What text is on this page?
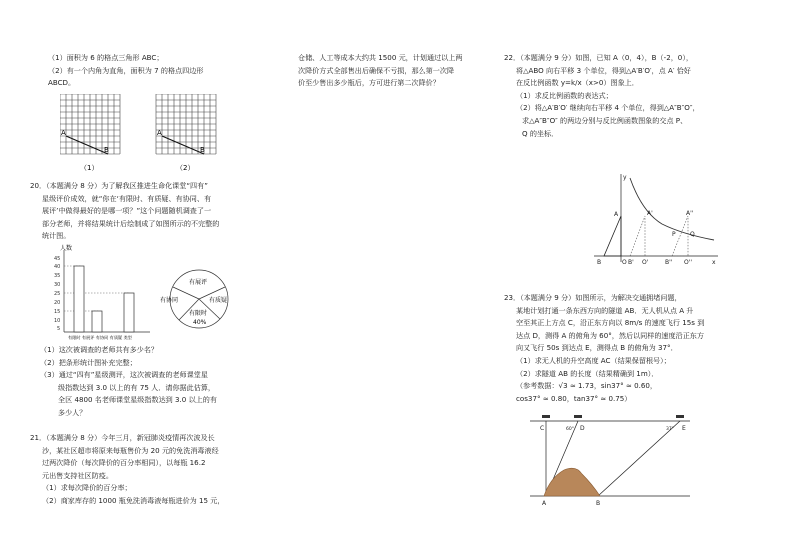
（1）面积为 6 的格点三角形 ABC；

（2）有一个内角为直角，面积为 7 的格点四边形

ABCD。

A
B
（1）
A
B
（2）

20．（本题满分 8 分）为了解我区推进生命化课堂“四有”

星级评价成效，就“你在‘有限时、有质疑、有协同、有

展评’中做得最好的是哪一项？”这个问题随机调查了一

部分老师，并将结果统计后绘制成了如图所示的不完整的

统计图。

人数
45
40
35
30
25
20
15
10
5
有限时 有展评 有协同 有质疑 类型
有展评
有协同	有质疑
有限时
40%

（1）这次被调查的老师共有多少名？

（2）把条形统计图补充完整；

（3）通过“四有”星级测评，这次被调查的老师课堂星

级指数达到 3.0 以上的有 75 人．请你据此估算，

全区 4800 名老师课堂星级指数达到 3.0 以上的有

多少人？

21．（本题满分 8 分）今年三月，新冠肺炎疫情再次波及长

沙，某社区超市将原来每瓶售价为 20 元的免洗消毒液经

过两次降价（每次降价的百分率相同），以每瓶 16.2

元出售支持社区防疫。

（1）求每次降价的百分率；

（2）商家库存的 1000 瓶免洗消毒液每瓶进价为 15 元，

仓储、人工等成本大约共 1500 元，计划通过以上两

次降价方式全部售出后确保不亏损，那么第一次降

价至少售出多少瓶后，方可进行第二次降价？

22．（本题满分 9 分）如图，已知 A（0，4），B（-2，0），

将△ABO 向右平移 3 个单位，得到△A′B′O′，点 A′ 恰好

在反比例函数 y=k/x（x>0）图象上．

（1）求反比例函数的表达式；

（2）将△A′B′O′ 继续向右平移 4 个单位，得到△A″B″O″，

求△A″B″O″ 的两边分别与反比例函数图象的交点 P、

Q 的坐标．

y
A	A'	A''
P Q
B	O B' O'	B'' O''	x

23．（本题满分 9 分）如图所示，为解决交通拥堵问题，

某地计划打通一条东西方向的隧道 AB．无人机从点 A 升

空至其正上方点 C，沿正东方向以 8m/s 的速度飞行 15s 到

达点 D，测得 A 的俯角为 60°，然后以同样的速度沿正东方

向又飞行 50s 到达点 E，测得点 B 的俯角为 37°．

（1）求无人机的升空高度 AC（结果保留根号）；

（2）求隧道 AB 的长度（结果精确到 1m）．

（参考数据：√3 ≈ 1.73，sin37° ≈ 0.60，

cos37° ≈ 0.80，tan37° ≈ 0.75）

C	D	E
60°	37°
A	B
